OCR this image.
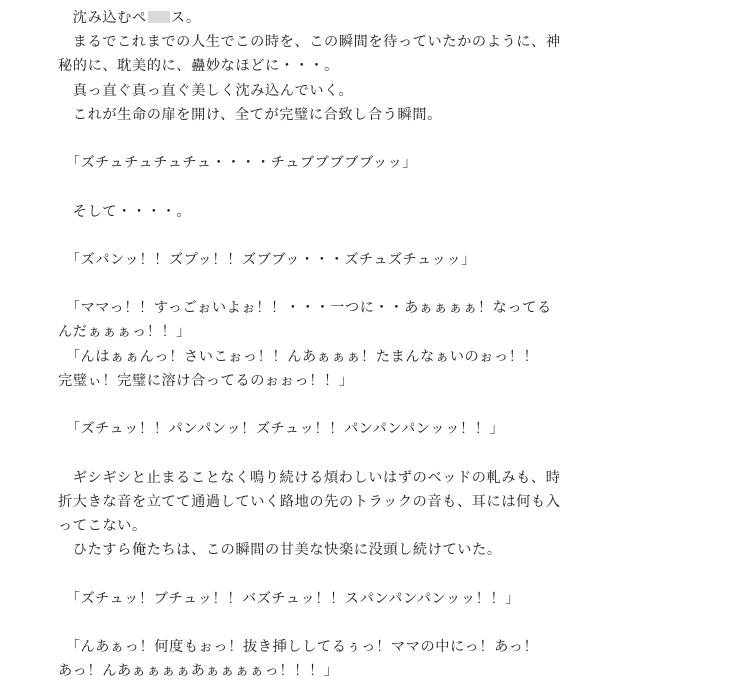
　沈み込むぺ ス。
　まるでこれまでの人生でこの時を、この瞬間を待っていたかのように、神
秘的に、耽美的に、蠱妙なほどに・・・。
　真っ直ぐ真っ直ぐ美しく沈み込んでいく。
　これが生命の扉を開け、全てが完璧に合致し合う瞬間。
　「ズチュチュチュチュ・・・・チュブブブブブッッ」
　そして・・・・。
　「ズパンッ！！ズプッ！！ズブブッ・・・ズチュズチュッッ」
　「ママっ！！すっごぉいよぉ！！・・・一つに・・あぁぁぁぁ！なってる
んだぁぁぁっ！！」
　「んはぁぁんっ！さいこぉっ！！んあぁぁぁ！たまんなぁいのぉっ！！
完璧ぃ！完璧に溶け合ってるのぉぉっ！！」
　「ズチュッ！！パンパンッ！ズチュッ！！パンパンパンッッ！！」
　ギシギシと止まることなく鳴り続ける煩わしいはずのベッドの軋みも、時
折大きな音を立てて通過していく路地の先のトラックの音も、耳には何も入
ってこない。
　ひたすら俺たちは、この瞬間の甘美な快楽に没頭し続けていた。
　「ズチュッ！ブチュッ！！バズチュッ！！スパンパンパンッッ！！」
　「んあぁっ！何度もぉっ！抜き挿ししてるぅっ！ママの中にっ！あっ！
あっ！んあぁぁぁぁあぁぁぁぁっ！！！」
